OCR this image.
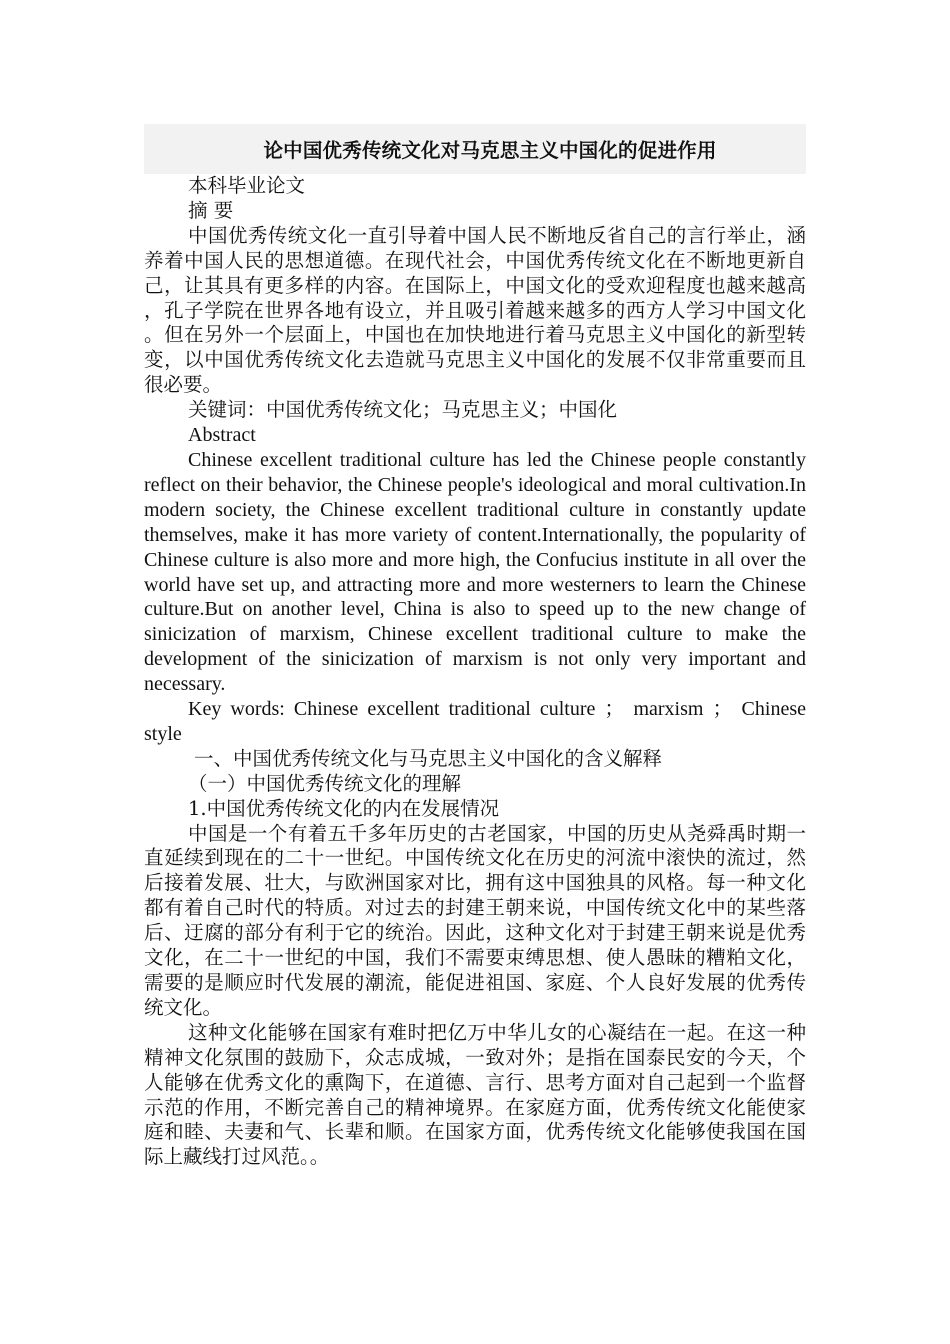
论中国优秀传统文化对马克思主义中国化的促进作用

本科毕业论文

摘 要

中国优秀传统文化一直引导着中国人民不断地反省自己的言行举止，涵养着中国人民的思想道德。在现代社会，中国优秀传统文化在不断地更新自己，让其具有更多样的内容。在国际上，中国文化的受欢迎程度也越来越高，孔子学院在世界各地有设立，并且吸引着越来越多的西方人学习中国文化。但在另外一个层面上，中国也在加快地进行着马克思主义中国化的新型转变，以中国优秀传统文化去造就马克思主义中国化的发展不仅非常重要而且很必要。

关键词：中国优秀传统文化；马克思主义；中国化

Abstract

Chinese excellent traditional culture has led the Chinese people constantly reflect on their behavior, the Chinese people's ideological and moral cultivation.In modern society, the Chinese excellent traditional culture in constantly update themselves, make it has more variety of content.Internationally, the popularity of Chinese culture is also more and more high, the Confucius institute in all over the world have set up, and attracting more and more westerners to learn the Chinese culture.But on another level, China is also to speed up to the new change of sinicization of marxism, Chinese excellent traditional culture to make the development of the sinicization of marxism is not only very important and necessary.

Key words: Chinese excellent traditional culture ； marxism ； Chinese style

一、中国优秀传统文化与马克思主义中国化的含义解释

（一）中国优秀传统文化的理解

1.中国优秀传统文化的内在发展情况

中国是一个有着五千多年历史的古老国家，中国的历史从尧舜禹时期一直延续到现在的二十一世纪。中国传统文化在历史的河流中滚快的流过，然后接着发展、壮大，与欧洲国家对比，拥有这中国独具的风格。每一种文化都有着自己时代的特质。对过去的封建王朝来说，中国传统文化中的某些落后、迂腐的部分有利于它的统治。因此，这种文化对于封建王朝来说是优秀文化，在二十一世纪的中国，我们不需要束缚思想、使人愚昧的糟粕文化，需要的是顺应时代发展的潮流，能促进祖国、家庭、个人良好发展的优秀传统文化。

这种文化能够在国家有难时把亿万中华儿女的心凝结在一起。在这一种精神文化氛围的鼓励下，众志成城，一致对外；是指在国泰民安的今天，个人能够在优秀文化的熏陶下，在道德、言行、思考方面对自己起到一个监督示范的作用，不断完善自己的精神境界。在家庭方面，优秀传统文化能使家庭和睦、夫妻和气、长辈和顺。在国家方面，优秀传统文化能够使我国在国际上藏线打过风范。。
